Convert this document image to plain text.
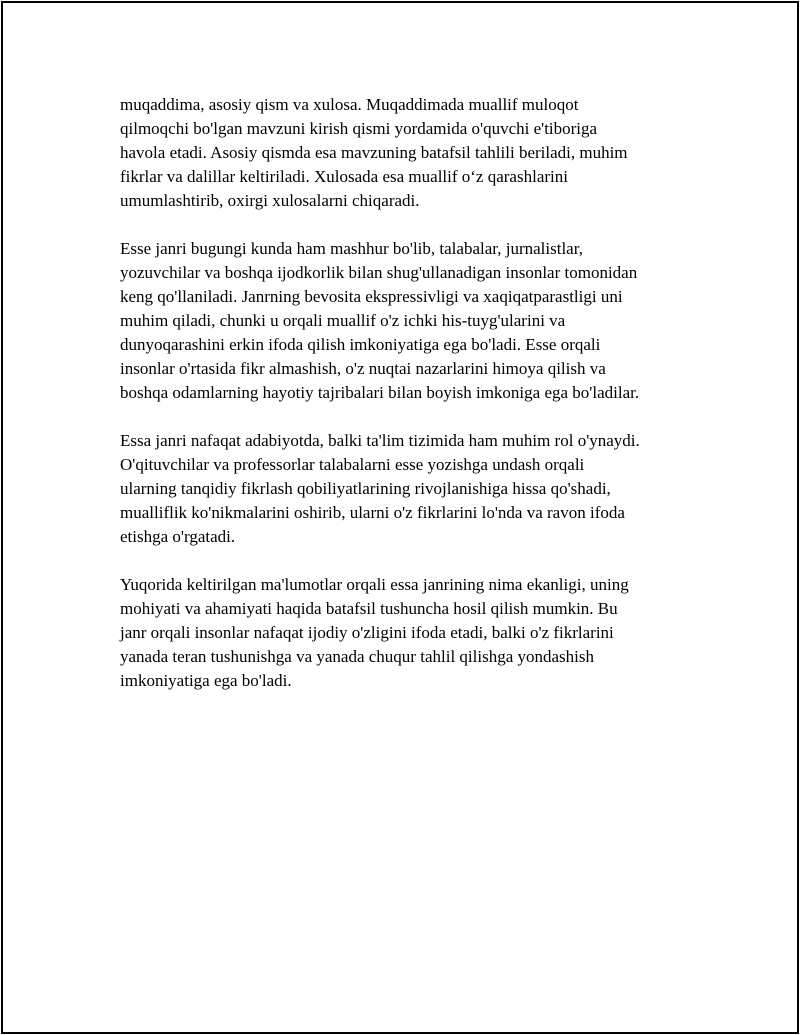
muqaddima, asosiy qism va xulosa. Muqaddimada muallif muloqot
qilmoqchi bo'lgan mavzuni kirish qismi yordamida o'quvchi e'tiboriga
havola etadi. Asosiy qismda esa mavzuning batafsil tahlili beriladi, muhim
fikrlar va dalillar keltiriladi. Xulosada esa muallif oʻz qarashlarini
umumlashtirib, oxirgi xulosalarni chiqaradi.

Esse janri bugungi kunda ham mashhur bo'lib, talabalar, jurnalistlar,
yozuvchilar va boshqa ijodkorlik bilan shug'ullanadigan insonlar tomonidan
keng qo'llaniladi. Janrning bevosita ekspressivligi va xaqiqatparastligi uni
muhim qiladi, chunki u orqali muallif o'z ichki his-tuyg'ularini va
dunyoqarashini erkin ifoda qilish imkoniyatiga ega bo'ladi. Esse orqali
insonlar o'rtasida fikr almashish, o'z nuqtai nazarlarini himoya qilish va
boshqa odamlarning hayotiy tajribalari bilan boyish imkoniga ega bo'ladilar.

Essa janri nafaqat adabiyotda, balki ta'lim tizimida ham muhim rol o'ynaydi.
O'qituvchilar va professorlar talabalarni esse yozishga undash orqali
ularning tanqidiy fikrlash qobiliyatlarining rivojlanishiga hissa qo'shadi,
mualliflik ko'nikmalarini oshirib, ularni o'z fikrlarini lo'nda va ravon ifoda
etishga o'rgatadi.

Yuqorida keltirilgan ma'lumotlar orqali essa janrining nima ekanligi, uning
mohiyati va ahamiyati haqida batafsil tushuncha hosil qilish mumkin. Bu
janr orqali insonlar nafaqat ijodiy o'zligini ifoda etadi, balki o'z fikrlarini
yanada teran tushunishga va yanada chuqur tahlil qilishga yondashish
imkoniyatiga ega bo'ladi.
